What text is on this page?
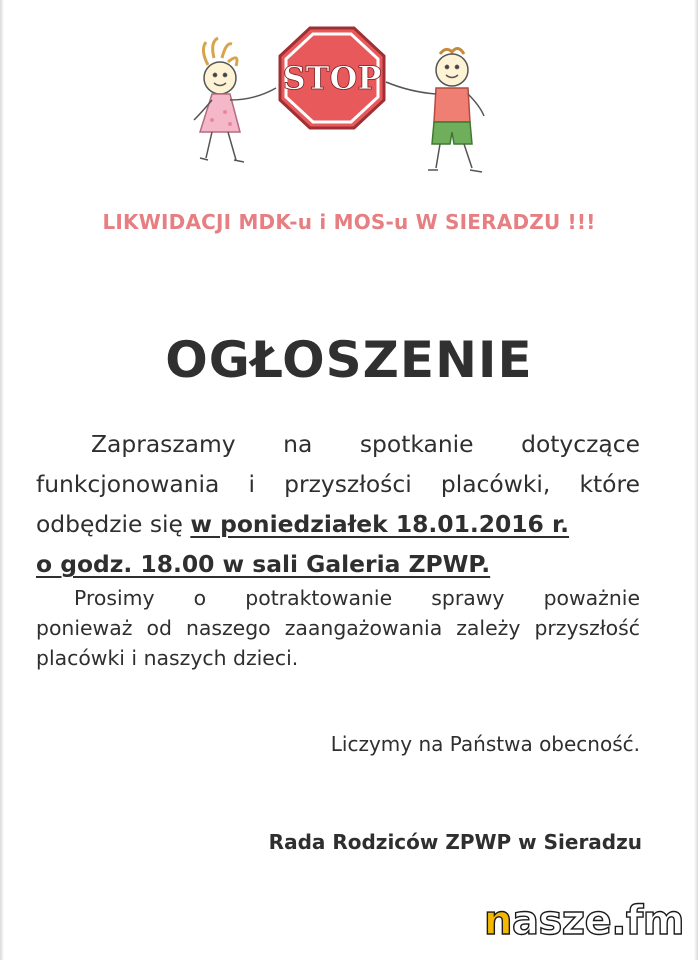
STOP
LIKWIDACJI MDK-u i MOS-u W SIERADZU !!!
OGŁOSZENIE
Zapraszamy na spotkanie dotyczące
funkcjonowania i przyszłości placówki, które
odbędzie się w poniedziałek 18.01.2016 r.
o godz. 18.00 w sali Galeria ZPWP.
Prosimy o potraktowanie sprawy poważnie
ponieważ od naszego zaangażowania zależy przyszłość
placówki i naszych dzieci.
Liczymy na Państwa obecność.
Rada Rodziców ZPWP w Sieradzu
nasze.fm
